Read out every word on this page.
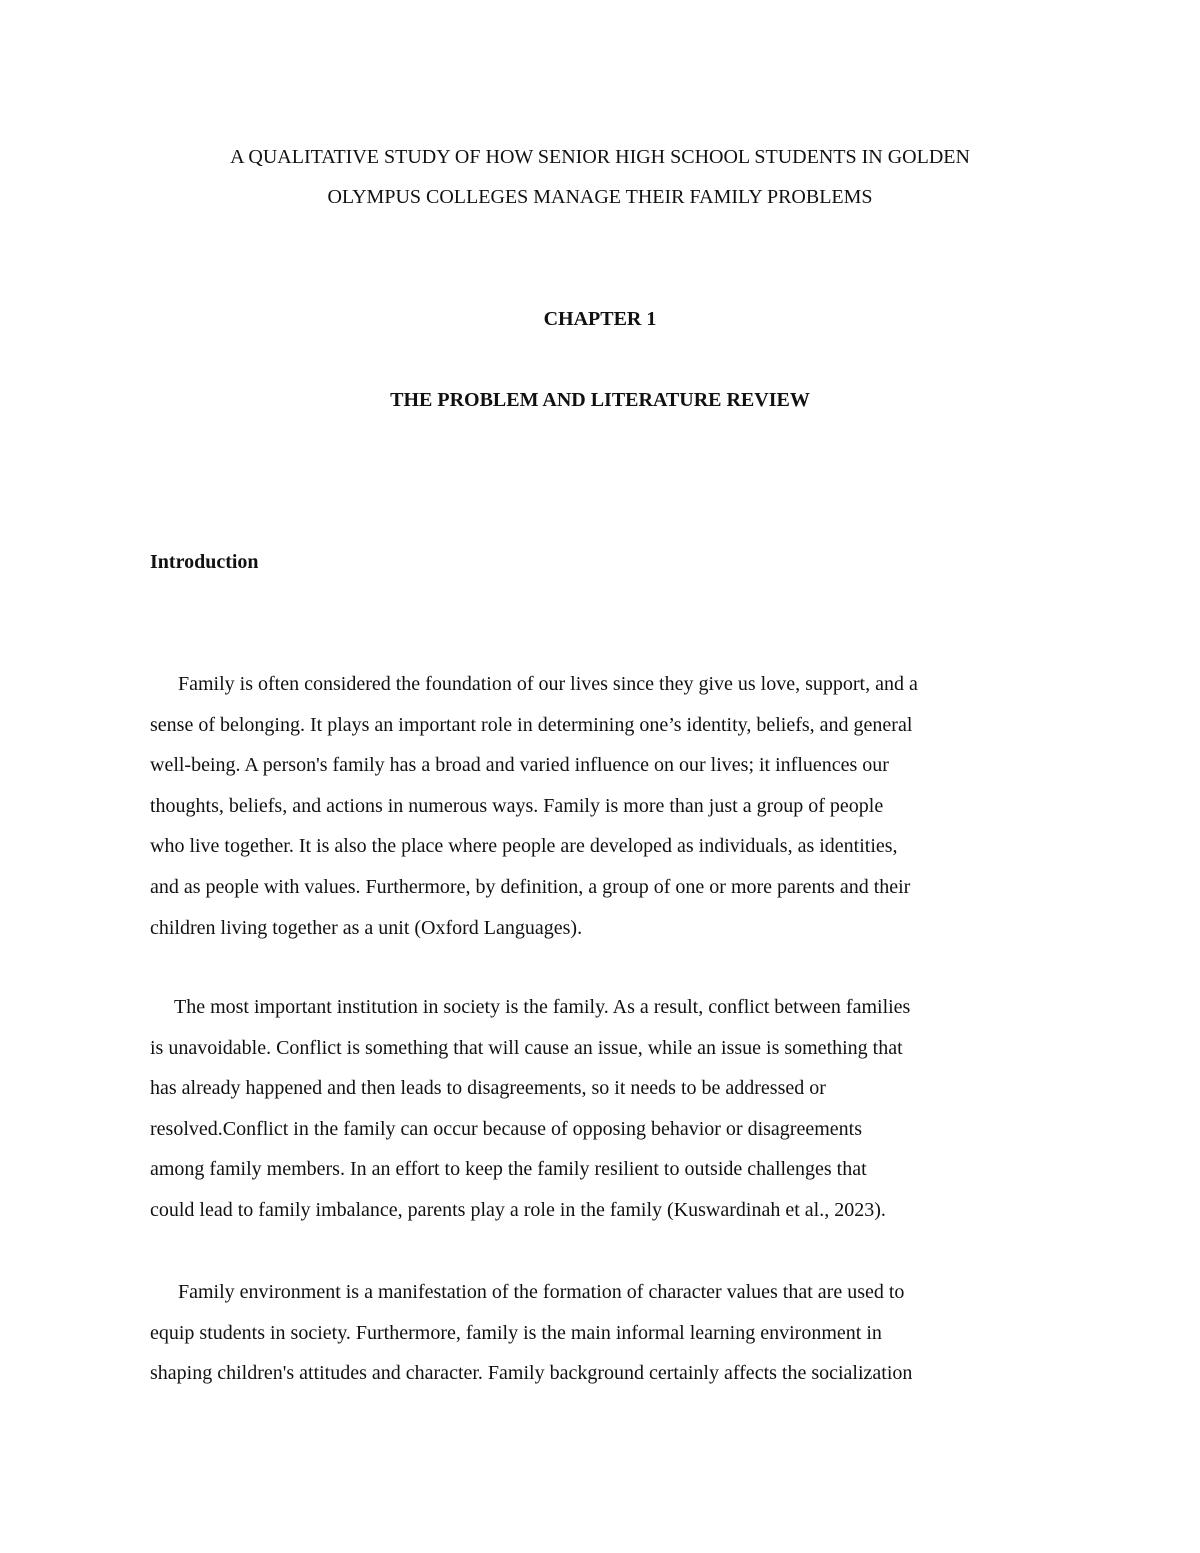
A QUALITATIVE STUDY OF HOW SENIOR HIGH SCHOOL STUDENTS IN GOLDEN
OLYMPUS COLLEGES MANAGE THEIR FAMILY PROBLEMS
CHAPTER 1
THE PROBLEM AND LITERATURE REVIEW
Introduction
Family is often considered the foundation of our lives since they give us love, support, and a
sense of belonging. It plays an important role in determining one’s identity, beliefs, and general
well-being. A person's family has a broad and varied influence on our lives; it influences our
thoughts, beliefs, and actions in numerous ways. Family is more than just a group of people
who live together. It is also the place where people are developed as individuals, as identities,
and as people with values. Furthermore, by definition, a group of one or more parents and their
children living together as a unit (Oxford Languages).
The most important institution in society is the family. As a result, conflict between families
is unavoidable. Conflict is something that will cause an issue, while an issue is something that
has already happened and then leads to disagreements, so it needs to be addressed or
resolved.Conflict in the family can occur because of opposing behavior or disagreements
among family members. In an effort to keep the family resilient to outside challenges that
could lead to family imbalance, parents play a role in the family (Kuswardinah et al., 2023).
Family environment is a manifestation of the formation of character values that are used to
equip students in society. Furthermore, family is the main informal learning environment in
shaping children's attitudes and character. Family background certainly affects the socialization
